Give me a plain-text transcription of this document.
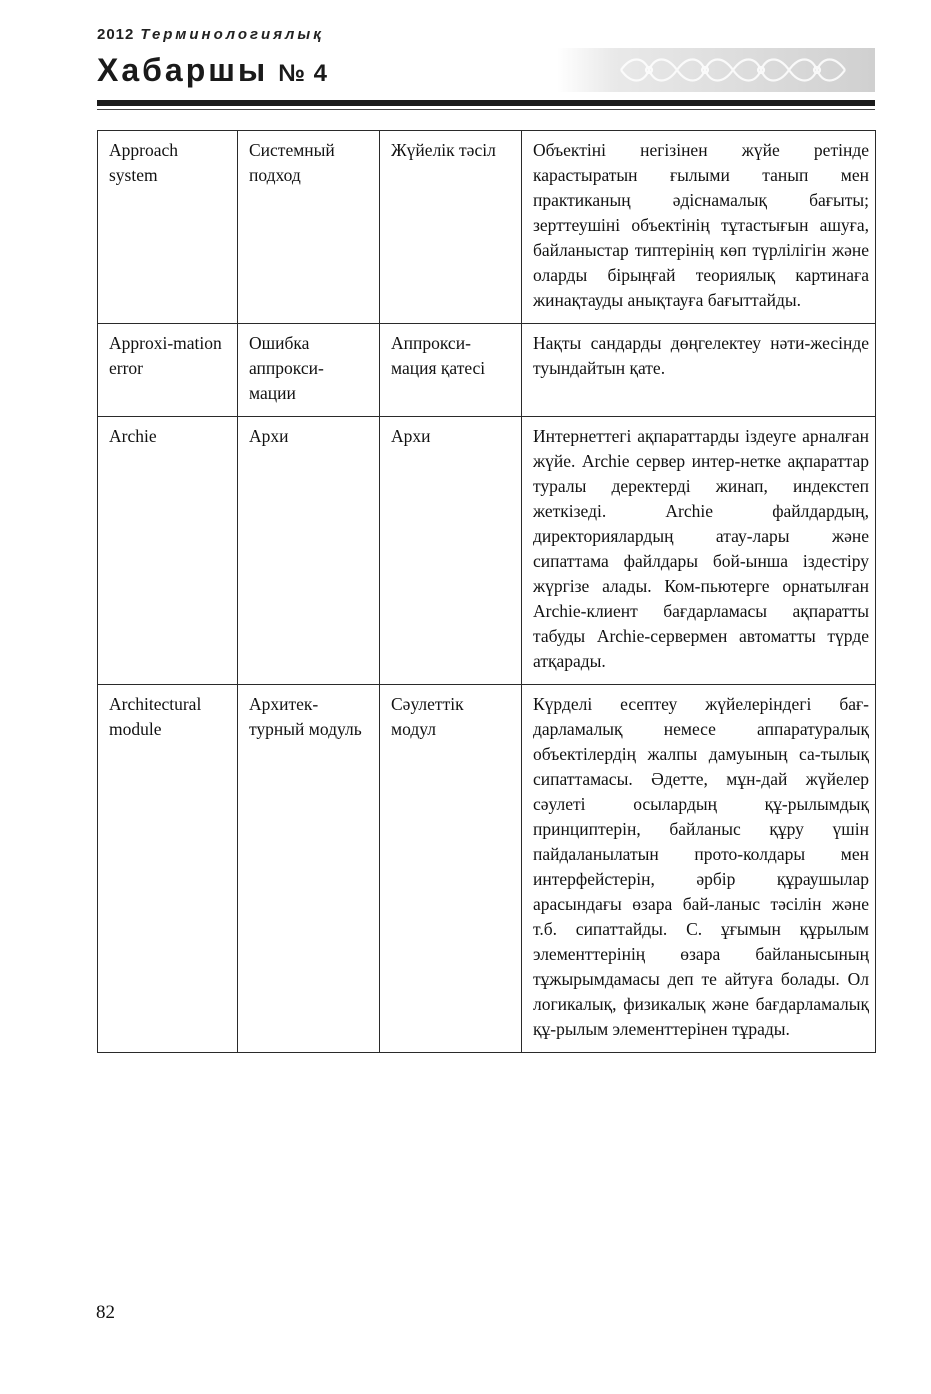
2012 Терминологиялық
Хабаршы № 4
Approach system	Системный подход	Жүйелік тәсіл	Объектіні негізінен жүйе ретінде карастыратын ғылыми танып мен практиканың әдіснамалық бағыты; зерттеушіні объектінің тұтастығын ашуға, байланыстар типтерінің көп түрлілігін және оларды бірыңғай теориялық картинаға жинақтауды анықтауға бағыттайды.
Approxi-mation error	Ошибка аппрокси-мации	Аппрокси-мация қатесі	Нақты сандарды дөңгелектеу нәти-жесінде туындайтын қате.
Archie	Архи	Архи	Интернеттегі ақпараттарды іздеуге арналған жүйе. Archie сервер интер-нетке ақпараттар туралы деректерді жинап, индекстеп жеткізеді. Archie файлдардың, директориялардың атау-лары және сипаттама файлдары бой-ынша іздестіру жүргізе алады. Ком-пьютерге орнатылған Archie-клиент бағдарламасы ақпаратты табуды Archie-сервермен автоматты түрде атқарады.
Architectural module	Архитек-турный модуль	Сәулеттік модул	Күрделі есептеу жүйелеріндегі бағ-дарламалық немесе аппаратуралық объектілердің жалпы дамуының са-тылық сипаттамасы. Әдетте, мұн-дай жүйелер сәулеті осылардың құ-рылымдық принциптерін, байланыс құру үшін пайдаланылатын прото-колдары мен интерфейстерін, әрбір құраушылар арасындағы өзара бай-ланыс тәсілін және т.б. сипаттайды. С. ұғымын құрылым элементтерінің өзара байланысының тұжырымдамасы деп те айтуға болады. Ол логикалық, физикалық және бағдарламалық құ-рылым элементтерінен тұрады.
82
